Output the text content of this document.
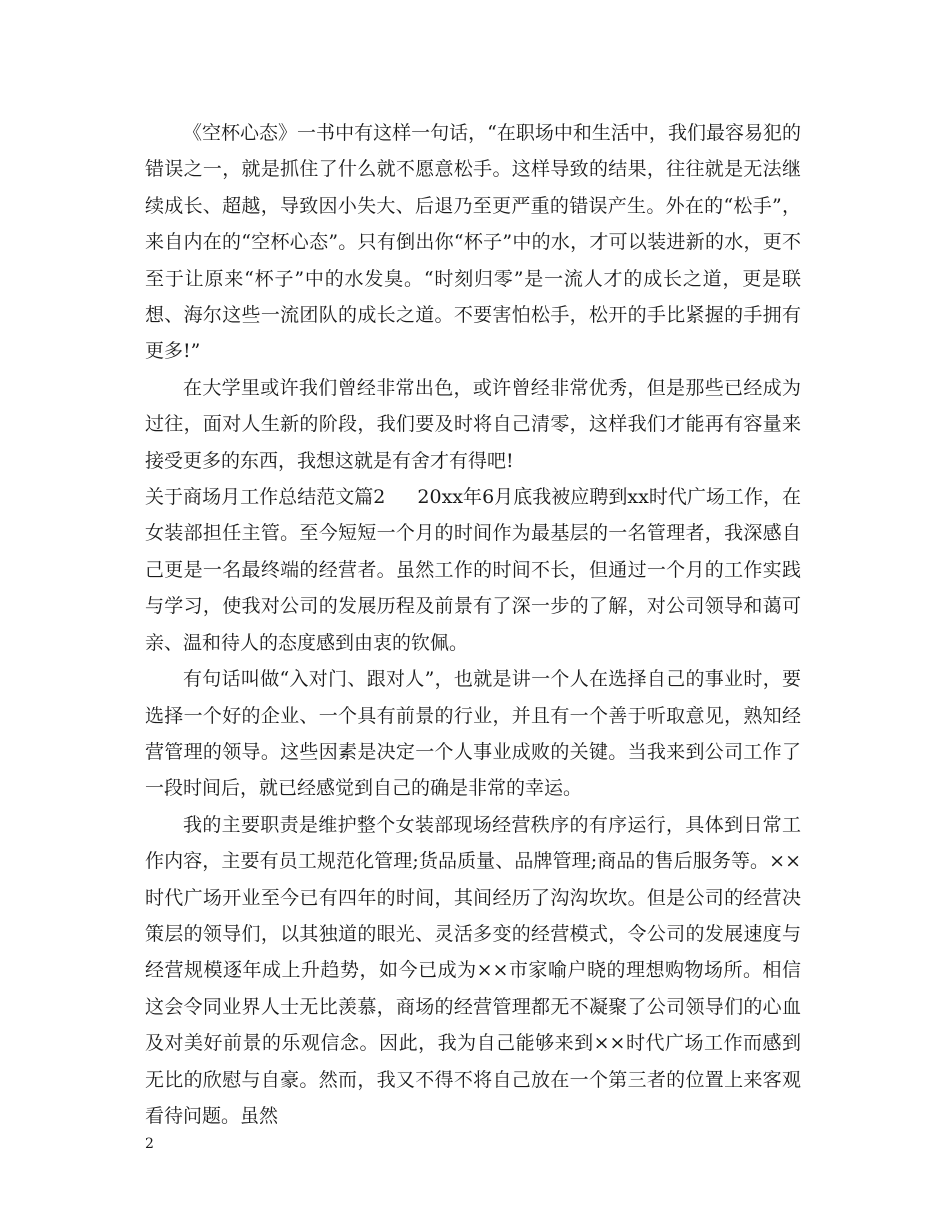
《空杯心态》一书中有这样一句话，“在职场中和生活中，我们最容易犯的错误之一，就是抓住了什么就不愿意松手。这样导致的结果，往往就是无法继续成长、超越，导致因小失大、后退乃至更严重的错误产生。外在的“松手”，来自内在的“空杯心态”。只有倒出你“杯子”中的水，才可以装进新的水，更不至于让原来“杯子”中的水发臭。“时刻归零”是一流人才的成长之道，更是联想、海尔这些一流团队的成长之道。不要害怕松手，松开的手比紧握的手拥有更多!”

在大学里或许我们曾经非常出色，或许曾经非常优秀，但是那些已经成为过往，面对人生新的阶段，我们要及时将自己清零，这样我们才能再有容量来接受更多的东西，我想这就是有舍才有得吧!

关于商场月工作总结范文篇2 20xx年6月底我被应聘到xx时代广场工作，在女装部担任主管。至今短短一个月的时间作为最基层的一名管理者，我深感自己更是一名最终端的经营者。虽然工作的时间不长，但通过一个月的工作实践与学习，使我对公司的发展历程及前景有了深一步的了解，对公司领导和蔼可亲、温和待人的态度感到由衷的钦佩。

有句话叫做“入对门、跟对人”，也就是讲一个人在选择自己的事业时，要选择一个好的企业、一个具有前景的行业，并且有一个善于听取意见，熟知经营管理的领导。这些因素是决定一个人事业成败的关键。当我来到公司工作了一段时间后，就已经感觉到自己的确是非常的幸运。

我的主要职责是维护整个女装部现场经营秩序的有序运行，具体到日常工作内容，主要有员工规范化管理;货品质量、品牌管理;商品的售后服务等。××时代广场开业至今已有四年的时间，其间经历了沟沟坎坎。但是公司的经营决策层的领导们，以其独道的眼光、灵活多变的经营模式，令公司的发展速度与经营规模逐年成上升趋势，如今已成为××市家喻户晓的理想购物场所。相信这会令同业界人士无比羡慕，商场的经营管理都无不凝聚了公司领导们的心血及对美好前景的乐观信念。因此，我为自己能够来到××时代广场工作而感到无比的欣慰与自豪。然而，我又不得不将自己放在一个第三者的位置上来客观看待问题。虽然

2
